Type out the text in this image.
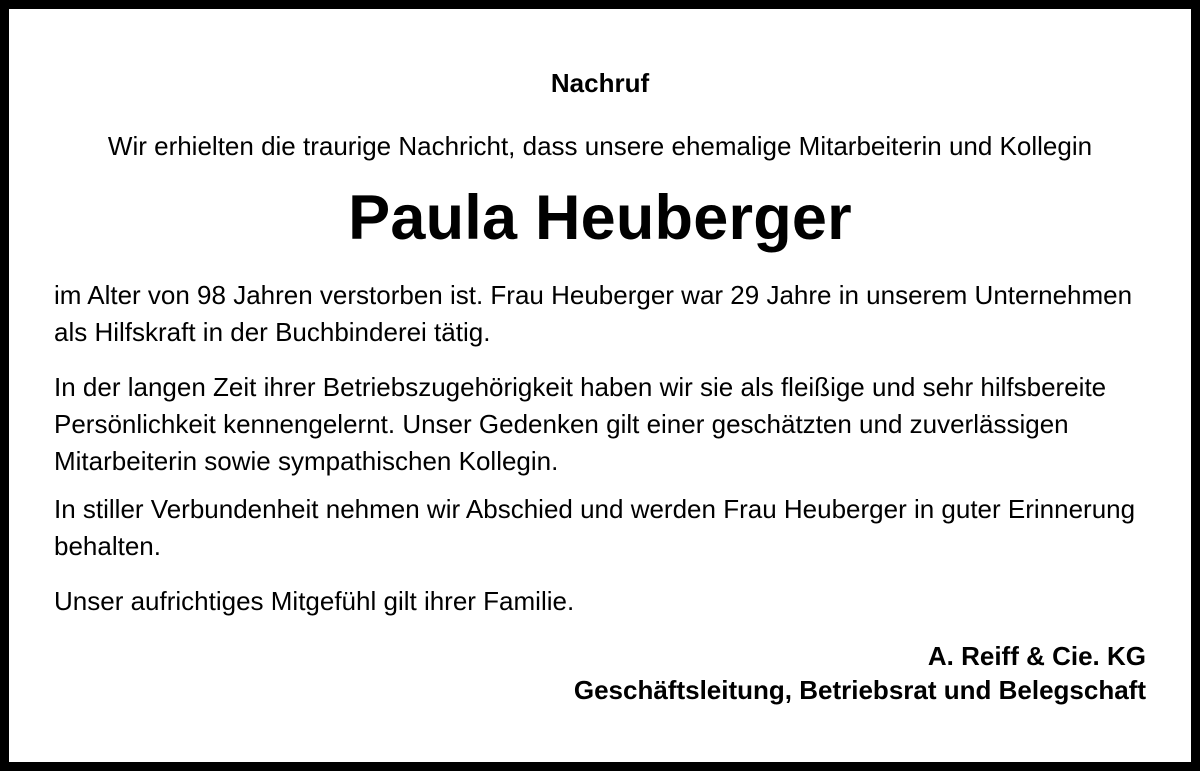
Nachruf
Wir erhielten die traurige Nachricht, dass unsere ehemalige Mitarbeiterin und Kollegin
Paula Heuberger
im Alter von 98 Jahren verstorben ist. Frau Heuberger war 29 Jahre in unserem Unternehmen als Hilfskraft in der Buchbinderei tätig.
In der langen Zeit ihrer Betriebszugehörigkeit haben wir sie als fleißige und sehr hilfsbereite Persönlichkeit kennengelernt. Unser Gedenken gilt einer geschätzten und zuverlässigen Mitarbeiterin sowie sympathischen Kollegin.
In stiller Verbundenheit nehmen wir Abschied und werden Frau Heuberger in guter Erinnerung behalten.
Unser aufrichtiges Mitgefühl gilt ihrer Familie.
A. Reiff & Cie. KG
Geschäftsleitung, Betriebsrat und Belegschaft
